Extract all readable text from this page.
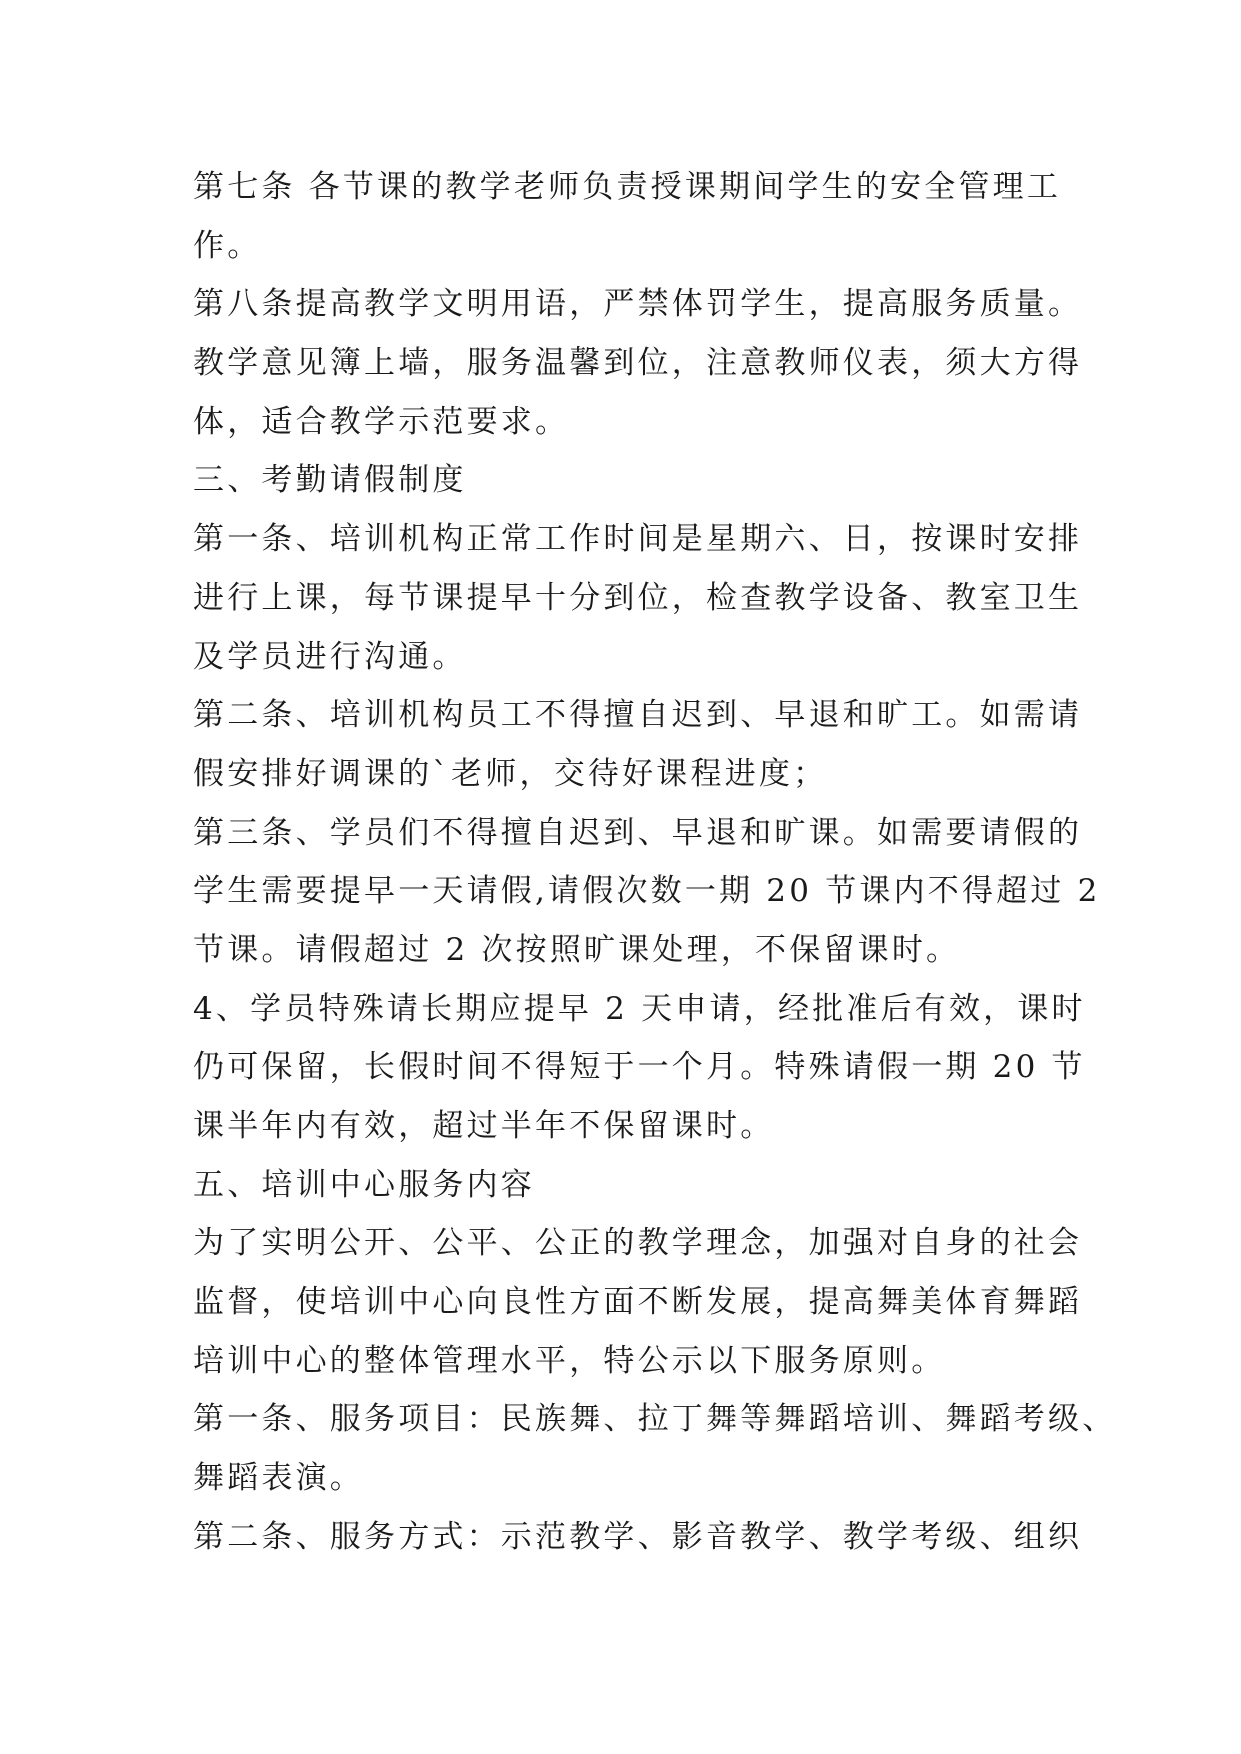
第七条 各节课的教学老师负责授课期间学生的安全管理工
作。
第八条提高教学文明用语，严禁体罚学生，提高服务质量。
教学意见簿上墙，服务温馨到位，注意教师仪表，须大方得
体，适合教学示范要求。
三、考勤请假制度
第一条、培训机构正常工作时间是星期六、日，按课时安排
进行上课，每节课提早十分到位，检查教学设备、教室卫生
及学员进行沟通。
第二条、培训机构员工不得擅自迟到、早退和旷工。如需请
假安排好调课的`老师，交待好课程进度；
第三条、学员们不得擅自迟到、早退和旷课。如需要请假的
学生需要提早一天请假,请假次数一期 20 节课内不得超过 2
节课。请假超过 2 次按照旷课处理，不保留课时。
4、学员特殊请长期应提早 2 天申请，经批准后有效，课时
仍可保留，长假时间不得短于一个月。特殊请假一期 20 节
课半年内有效，超过半年不保留课时。
五、培训中心服务内容
为了实明公开、公平、公正的教学理念，加强对自身的社会
监督，使培训中心向良性方面不断发展，提高舞美体育舞蹈
培训中心的整体管理水平，特公示以下服务原则。
第一条、服务项目：民族舞、拉丁舞等舞蹈培训、舞蹈考级、
舞蹈表演。
第二条、服务方式：示范教学、影音教学、教学考级、组织
